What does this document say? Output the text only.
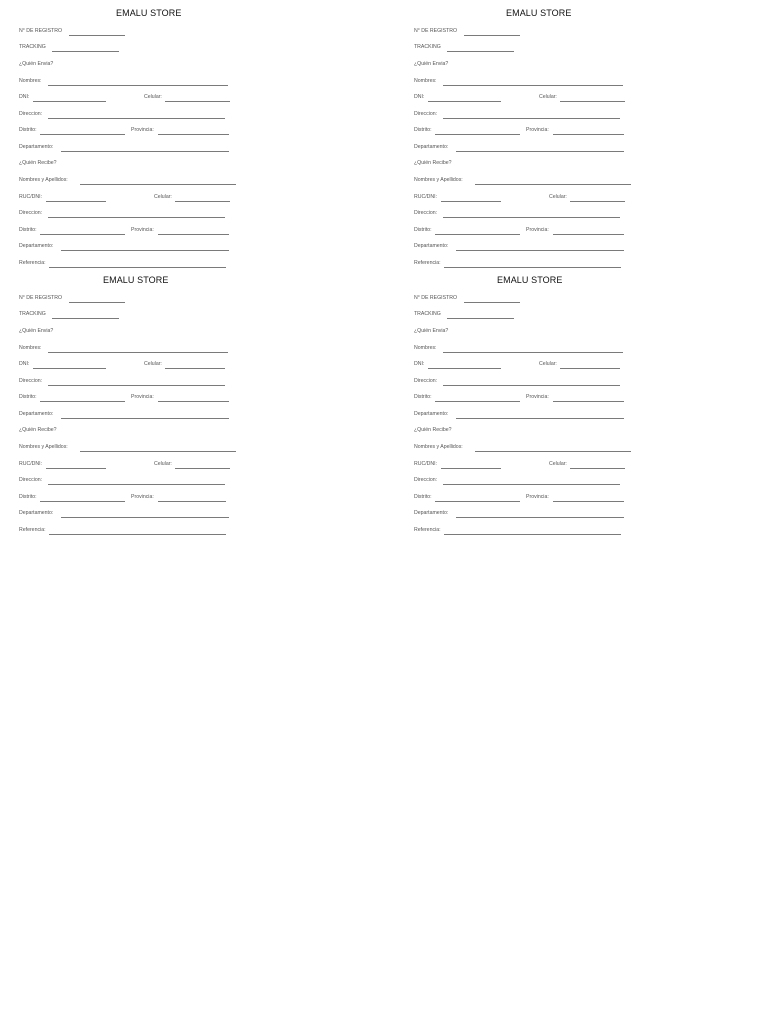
EMALU STORE
N° DE REGISTRO
TRACKING
¿Quién Envia?
Nombres:
DNI:	Celular:
Direccion:
Distrito:	Provincia:
Departamento:
¿Quién Recibe?
Nombres y Apellidos:
RUC/DNI:	Celular:
Direccion:
Distrito:	Provincia:
Departamento:
Referencia:
EMALU STORE
N° DE REGISTRO
TRACKING
¿Quién Envia?
Nombres:
DNI:	Celular:
Direccion:
Distrito:	Provincia:
Departamento:
¿Quién Recibe?
Nombres y Apellidos:
RUC/DNI:	Celular:
Direccion:
Distrito:	Provincia:
Departamento:
Referencia:
EMALU STORE
N° DE REGISTRO
TRACKING
¿Quién Envia?
Nombres:
DNI:	Celular:
Direccion:
Distrito:	Provincia:
Departamento:
¿Quién Recibe?
Nombres y Apellidos:
RUC/DNI:	Celular:
Direccion:
Distrito:	Provincia:
Departamento:
Referencia:
EMALU STORE
N° DE REGISTRO
TRACKING
¿Quién Envia?
Nombres:
DNI:	Celular:
Direccion:
Distrito:	Provincia:
Departamento:
¿Quién Recibe?
Nombres y Apellidos:
RUC/DNI:	Celular:
Direccion:
Distrito:	Provincia:
Departamento:
Referencia:
